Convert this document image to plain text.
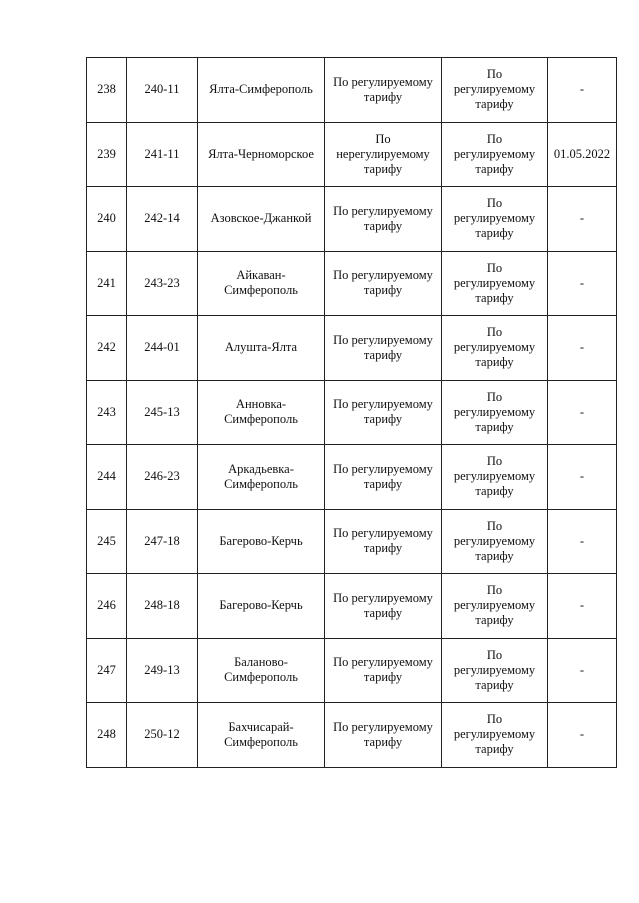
238	240-11	Ялта-Симферополь	По регулируемому
тарифу	По
регулируемому
тарифу	-
239	241-11	Ялта-Черноморское	По
нерегулируемому
тарифу	По
регулируемому
тарифу	01.05.2022
240	242-14	Азовское-Джанкой	По регулируемому
тарифу	По
регулируемому
тарифу	-
241	243-23	Айкаван-
Симферополь	По регулируемому
тарифу	По
регулируемому
тарифу	-
242	244-01	Алушта-Ялта	По регулируемому
тарифу	По
регулируемому
тарифу	-
243	245-13	Анновка-
Симферополь	По регулируемому
тарифу	По
регулируемому
тарифу	-
244	246-23	Аркадьевка-
Симферополь	По регулируемому
тарифу	По
регулируемому
тарифу	-
245	247-18	Багерово-Керчь	По регулируемому
тарифу	По
регулируемому
тарифу	-
246	248-18	Багерово-Керчь	По регулируемому
тарифу	По
регулируемому
тарифу	-
247	249-13	Баланово-
Симферополь	По регулируемому
тарифу	По
регулируемому
тарифу	-
248	250-12	Бахчисарай-
Симферополь	По регулируемому
тарифу	По
регулируемому
тарифу	-
